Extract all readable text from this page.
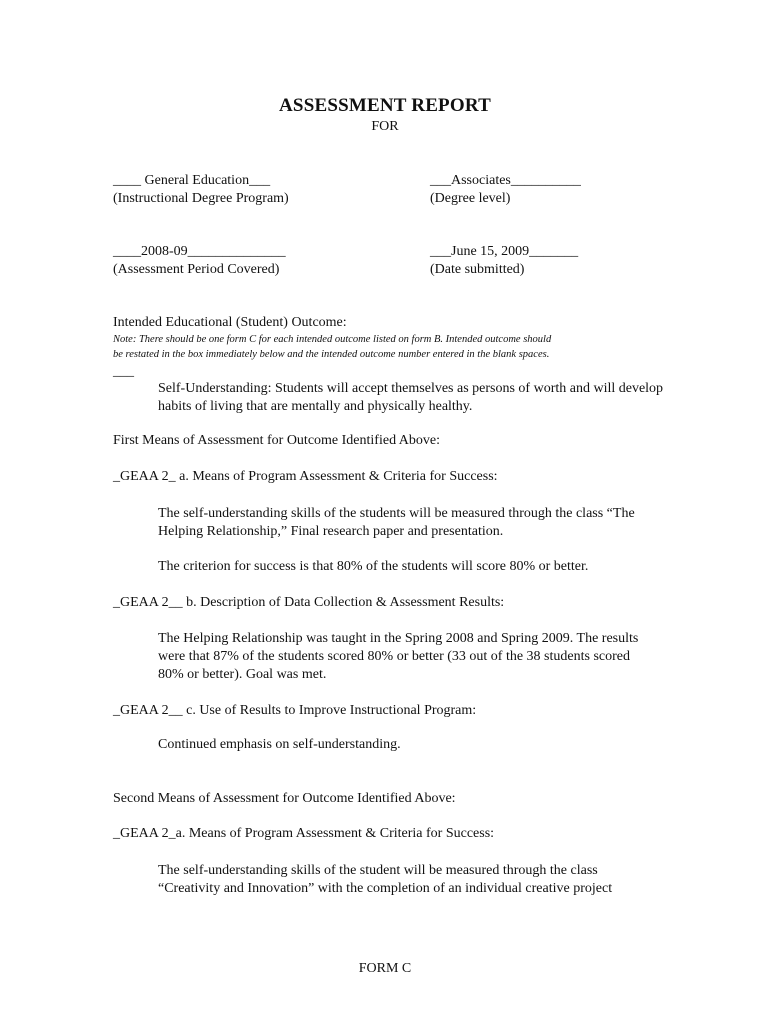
ASSESSMENT REPORT
FOR
____ General Education___
(Instructional Degree Program)
___Associates__________
(Degree level)
____2008-09______________
(Assessment Period Covered)
___June 15, 2009_______
(Date submitted)
Intended Educational (Student) Outcome:
Note: There should be one form C for each intended outcome listed on form B. Intended outcome should
be restated in the box immediately below and the intended outcome number entered in the blank spaces.
___
Self-Understanding: Students will accept themselves as persons of worth and will develop habits of living that are mentally and physically healthy.
First Means of Assessment for Outcome Identified Above:
_GEAA 2_ a. Means of Program Assessment & Criteria for Success:
The self-understanding skills of the students will be measured through the class “The Helping Relationship,” Final research paper and presentation.
The criterion for success is that 80% of the students will score 80% or better.
_GEAA 2__ b. Description of Data Collection & Assessment Results:
The Helping Relationship was taught in the Spring 2008 and Spring 2009. The results were that 87% of the students scored 80% or better (33 out of the 38 students scored 80% or better). Goal was met.
_GEAA 2__ c. Use of Results to Improve Instructional Program:
Continued emphasis on self-understanding.
Second Means of Assessment for Outcome Identified Above:
_GEAA 2_a. Means of Program Assessment & Criteria for Success:
The self-understanding skills of the student will be measured through the class “Creativity and Innovation” with the completion of an individual creative project
FORM C
